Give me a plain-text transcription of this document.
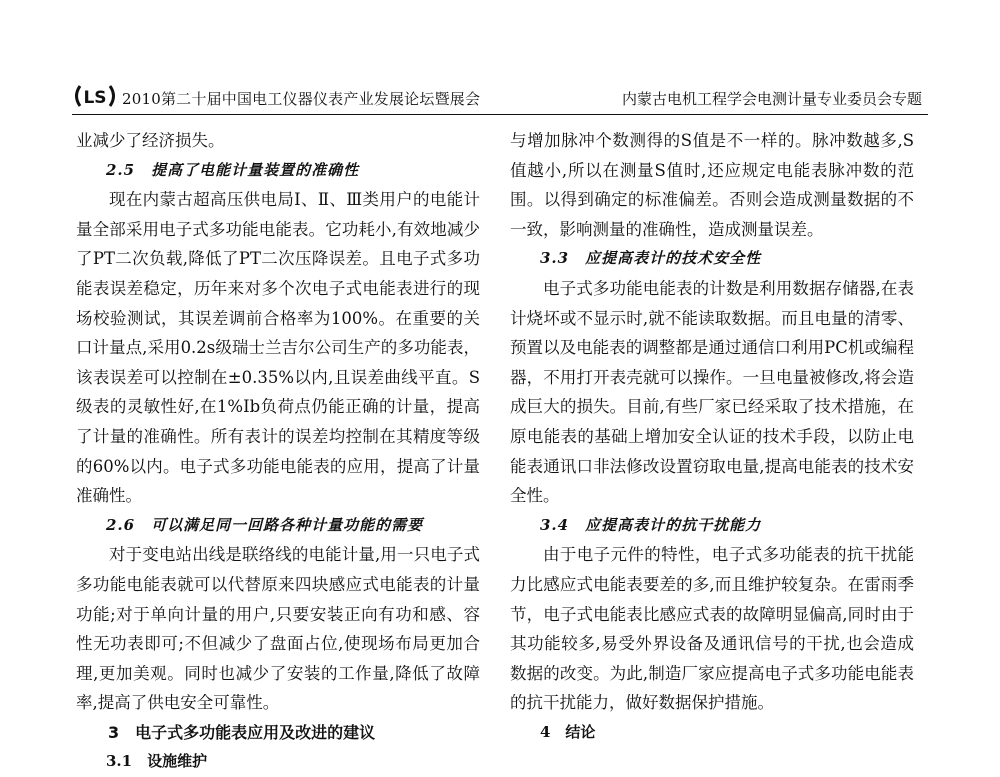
LS 2010第二十届中国电工仪器仪表产业发展论坛暨展会	内蒙古电机工程学会电测计量专业委员会专题

业减少了经济损失。

2.5　提高了电能计量装置的准确性

现在内蒙古超高压供电局Ⅰ、Ⅱ、Ⅲ类用户的电能计量全部采用电子式多功能电能表。它功耗小,有效地减少了PT二次负载,降低了PT二次压降误差。且电子式多功能表误差稳定，历年来对多个次电子式电能表进行的现场校验测试，其误差调前合格率为100%。在重要的关口计量点,采用0.2s级瑞士兰吉尔公司生产的多功能表，该表误差可以控制在±0.35%以内,且误差曲线平直。S级表的灵敏性好,在1%Ib负荷点仍能正确的计量，提高了计量的准确性。所有表计的误差均控制在其精度等级的60%以内。电子式多功能电能表的应用，提高了计量准确性。

2.6　可以满足同一回路各种计量功能的需要

对于变电站出线是联络线的电能计量,用一只电子式多功能电能表就可以代替原来四块感应式电能表的计量功能;对于单向计量的用户,只要安装正向有功和感、容性无功表即可;不但减少了盘面占位,使现场布局更加合理,更加美观。同时也减少了安装的工作量,降低了故障率,提高了供电安全可靠性。

3　电子式多功能表应用及改进的建议
3.1　设施维护

与增加脉冲个数测得的S值是不一样的。脉冲数越多,S值越小,所以在测量S值时,还应规定电能表脉冲数的范围。以得到确定的标准偏差。否则会造成测量数据的不一致，影响测量的准确性，造成测量误差。

3.3　应提高表计的技术安全性

电子式多功能电能表的计数是利用数据存储器,在表计烧坏或不显示时,就不能读取数据。而且电量的清零、预置以及电能表的调整都是通过通信口利用PC机或编程器，不用打开表壳就可以操作。一旦电量被修改,将会造成巨大的损失。目前,有些厂家已经采取了技术措施，在原电能表的基础上增加安全认证的技术手段，以防止电能表通讯口非法修改设置窃取电量,提高电能表的技术安全性。

3.4　应提高表计的抗干扰能力

由于电子元件的特性，电子式多功能表的抗干扰能力比感应式电能表要差的多,而且维护较复杂。在雷雨季节，电子式电能表比感应式表的故障明显偏高,同时由于其功能较多,易受外界设备及通讯信号的干扰,也会造成数据的改变。为此,制造厂家应提高电子式多功能电能表的抗干扰能力，做好数据保护措施。

4　结论
